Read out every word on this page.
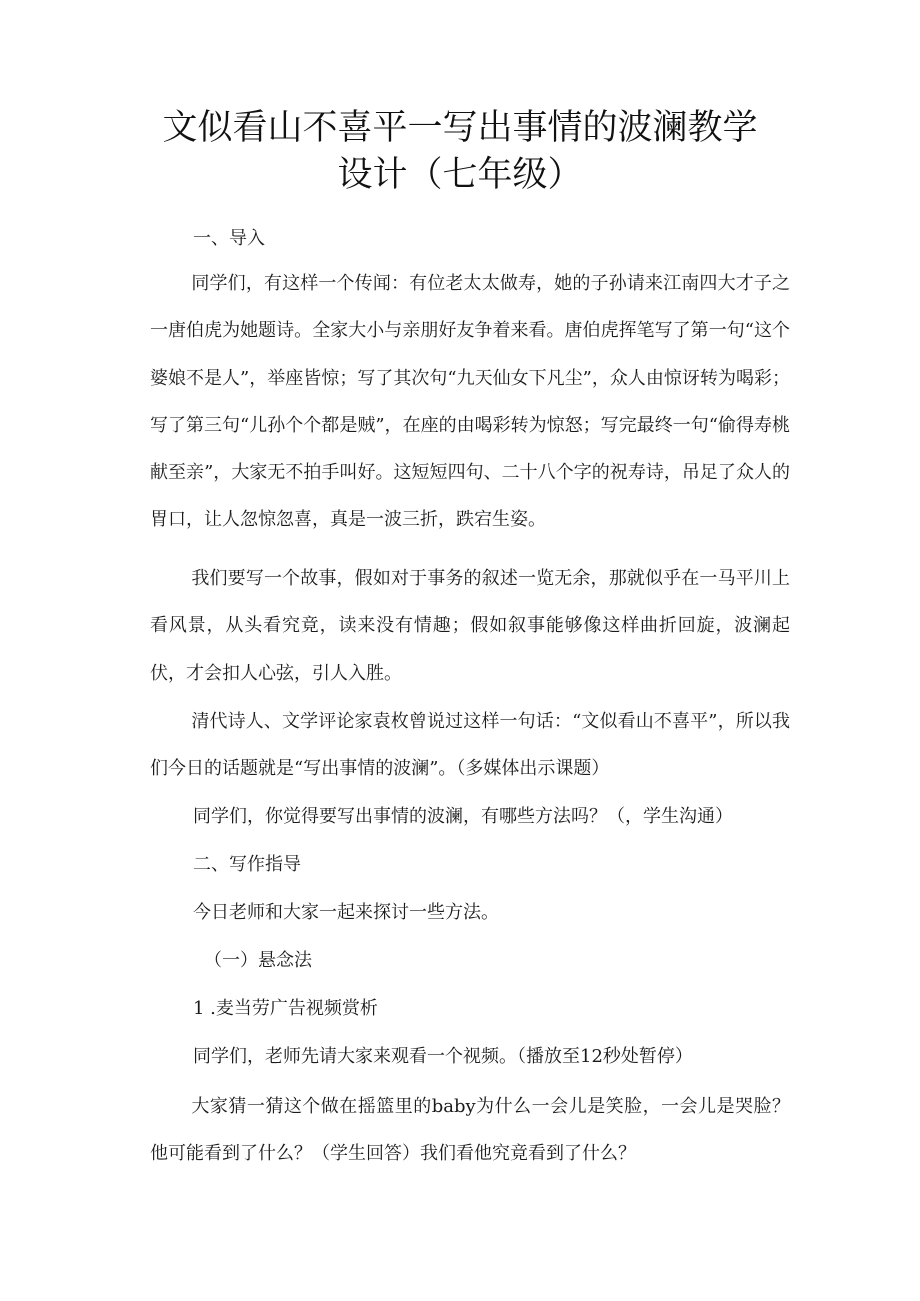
文似看山不喜平一写出事情的波澜教学
设计（七年级）
一、导入
同学们，有这样一个传闻：有位老太太做寿，她的子孙请来江南四大才子之一唐伯虎为她题诗。全家大小与亲朋好友争着来看。唐伯虎挥笔写了第一句“这个婆娘不是人”，举座皆惊；写了其次句“九天仙女下凡尘”，众人由惊讶转为喝彩；写了第三句“儿孙个个都是贼”，在座的由喝彩转为惊怒；写完最终一句“偷得寿桃献至亲”，大家无不拍手叫好。这短短四句、二十八个字的祝寿诗，吊足了众人的胃口，让人忽惊忽喜，真是一波三折，跌宕生姿。
我们要写一个故事，假如对于事务的叙述一览无余，那就似乎在一马平川上看风景，从头看究竟，读来没有情趣；假如叙事能够像这样曲折回旋，波澜起伏，才会扣人心弦，引人入胜。
清代诗人、文学评论家袁枚曾说过这样一句话：“文似看山不喜平”，所以我们今日的话题就是“写出事情的波澜”。（多媒体出示课题）
同学们，你觉得要写出事情的波澜，有哪些方法吗？（，学生沟通）
二、写作指导
今日老师和大家一起来探讨一些方法。
（一）悬念法
1 .麦当劳广告视频赏析
同学们，老师先请大家来观看一个视频。（播放至12秒处暂停）
大家猜一猜这个做在摇篮里的baby为什么一会儿是笑脸，一会儿是哭脸？他可能看到了什么？（学生回答）我们看他究竟看到了什么？
